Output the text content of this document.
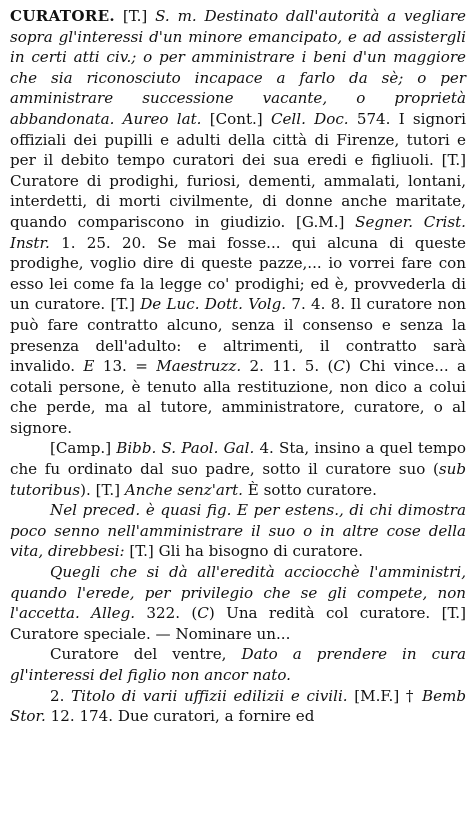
CURATORE. [T.] S. m. Destinato dall'autorità a vegliare sopra gl'interessi d'un minore emancipato, e ad assistergli in certi atti civ.; o per amministrare i beni d'un maggiore che sia riconosciuto incapace a farlo da sè; o per amministrare successione vacante, o proprietà abbandonata. Aureo lat. [Cont.] Cell. Doc. 574. I signori offiziali dei pupilli e adulti della città di Firenze, tutori e per il debito tempo curatori dei sua eredi e figliuoli. [T.] Curatore di prodighi, furiosi, dementi, ammalati, lontani, interdetti, di morti civilmente, di donne anche maritate, quando compariscono in giudizio. [G.M.] Segner. Crist. Instr. 1. 25. 20. Se mai fosse... qui alcuna di queste prodighe, voglio dire di queste pazze,... io vorrei fare con esso lei come fa la legge co' prodighi; ed è, provvederla di un curatore. [T.] De Luc. Dott. Volg. 7. 4. 8. Il curatore non può fare contratto alcuno, senza il consenso e senza la presenza dell'adulto: e altrimenti, il contratto sarà invalido. E 13. = Maestruzz. 2. 11. 5. (C) Chi vince... a cotali persone, è tenuto alla restituzione, non dico a colui che perde, ma al tutore, amministratore, curatore, o al signore.

[Camp.] Bibb. S. Paol. Gal. 4. Sta, insino a quel tempo che fu ordinato dal suo padre, sotto il curatore suo (sub tutoribus). [T.] Anche senz'art. È sotto curatore.

Nel preced. è quasi fig. E per estens., di chi dimostra poco senno nell'amministrare il suo o in altre cose della vita, direbbesi: [T.] Gli ha bisogno di curatore.

Quegli che si dà all'eredità acciocchè l'amministri, quando l'erede, per privilegio che se gli compete, non l'accetta. Alleg. 322. (C) Una redità col curatore. [T.] Curatore speciale. — Nominare un...

Curatore del ventre, Dato a prendere in cura gl'interessi del figlio non ancor nato.

2. Titolo di varii uffizii edilizii e civili. [M.F.] † Bemb Stor. 12. 174. Due curatori, a fornire ed
